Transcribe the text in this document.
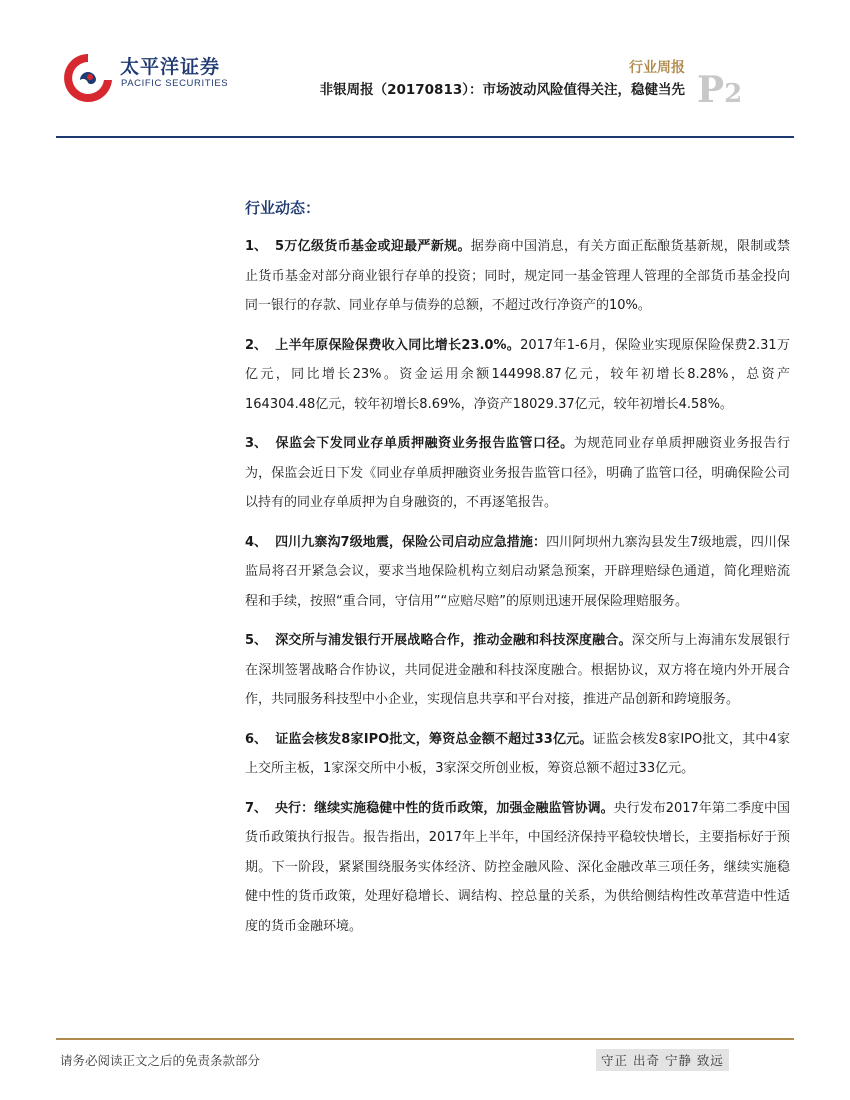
太平洋证券
PACIFIC SECURITIES
行业周报
非银周报（20170813）：市场波动风险值得关注，稳健当先 P2
行业动态：
1、 5万亿级货币基金或迎最严新规。据券商中国消息，有关方面正酝酿货基新规，限制或禁止货币基金对部分商业银行存单的投资；同时，规定同一基金管理人管理的全部货币基金投向同一银行的存款、同业存单与债券的总额，不超过改行净资产的10%。
2、 上半年原保险保费收入同比增长23.0%。2017年1-6月，保险业实现原保险保费2.31万亿元，同比增长23%。资金运用余额144998.87亿元，较年初增长8.28%，总资产164304.48亿元，较年初增长8.69%，净资产18029.37亿元，较年初增长4.58%。
3、 保监会下发同业存单质押融资业务报告监管口径。为规范同业存单质押融资业务报告行为，保监会近日下发《同业存单质押融资业务报告监管口径》，明确了监管口径，明确保险公司以持有的同业存单质押为自身融资的，不再逐笔报告。
4、 四川九寨沟7级地震，保险公司启动应急措施：四川阿坝州九寨沟县发生7级地震，四川保监局将召开紧急会议，要求当地保险机构立刻启动紧急预案，开辟理赔绿色通道，简化理赔流程和手续，按照“重合同，守信用”“应赔尽赔”的原则迅速开展保险理赔服务。
5、 深交所与浦发银行开展战略合作，推动金融和科技深度融合。深交所与上海浦东发展银行在深圳签署战略合作协议，共同促进金融和科技深度融合。根据协议，双方将在境内外开展合作，共同服务科技型中小企业，实现信息共享和平台对接，推进产品创新和跨境服务。
6、 证监会核发8家IPO批文，筹资总金额不超过33亿元。证监会核发8家IPO批文，其中4家上交所主板，1家深交所中小板，3家深交所创业板，筹资总额不超过33亿元。
7、 央行：继续实施稳健中性的货币政策，加强金融监管协调。央行发布2017年第二季度中国货币政策执行报告。报告指出，2017年上半年，中国经济保持平稳较快增长，主要指标好于预期。下一阶段，紧紧围绕服务实体经济、防控金融风险、深化金融改革三项任务，继续实施稳健中性的货币政策，处理好稳增长、调结构、控总量的关系，为供给侧结构性改革营造中性适度的货币金融环境。
请务必阅读正文之后的免责条款部分	守正 出奇 宁静 致远
